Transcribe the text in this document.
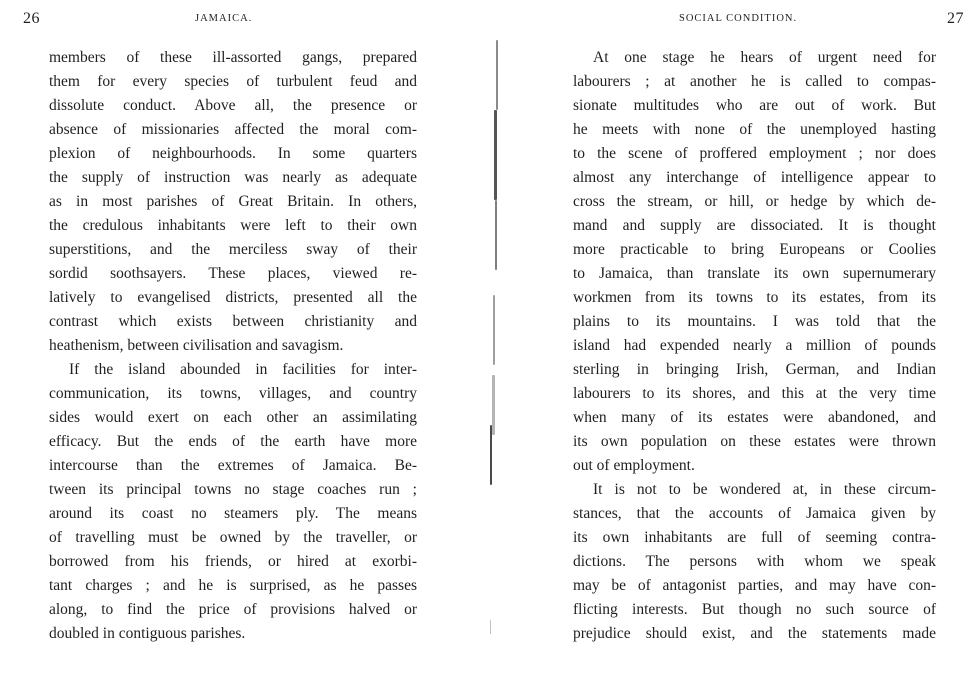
26	JAMAICA.
members of these ill-assorted gangs, prepared
them for every species of turbulent feud and
dissolute conduct. Above all, the presence or
absence of missionaries affected the moral com-
plexion of neighbourhoods. In some quarters
the supply of instruction was nearly as adequate
as in most parishes of Great Britain. In others,
the credulous inhabitants were left to their own
superstitions, and the merciless sway of their
sordid soothsayers. These places, viewed re-
latively to evangelised districts, presented all the
contrast which exists between christianity and
heathenism, between civilisation and savagism.
If the island abounded in facilities for inter-
communication, its towns, villages, and country
sides would exert on each other an assimilating
efficacy. But the ends of the earth have more
intercourse than the extremes of Jamaica. Be-
tween its principal towns no stage coaches run ;
around its coast no steamers ply. The means
of travelling must be owned by the traveller, or
borrowed from his friends, or hired at exorbi-
tant charges ; and he is surprised, as he passes
along, to find the price of provisions halved or
doubled in contiguous parishes.
SOCIAL CONDITION.	27
At one stage he hears of urgent need for
labourers ; at another he is called to compas-
sionate multitudes who are out of work. But
he meets with none of the unemployed hasting
to the scene of proffered employment ; nor does
almost any interchange of intelligence appear to
cross the stream, or hill, or hedge by which de-
mand and supply are dissociated. It is thought
more practicable to bring Europeans or Coolies
to Jamaica, than translate its own supernumerary
workmen from its towns to its estates, from its
plains to its mountains. I was told that the
island had expended nearly a million of pounds
sterling in bringing Irish, German, and Indian
labourers to its shores, and this at the very time
when many of its estates were abandoned, and
its own population on these estates were thrown
out of employment.
It is not to be wondered at, in these circum-
stances, that the accounts of Jamaica given by
its own inhabitants are full of seeming contra-
dictions. The persons with whom we speak
may be of antagonist parties, and may have con-
flicting interests. But though no such source of
prejudice should exist, and the statements made
